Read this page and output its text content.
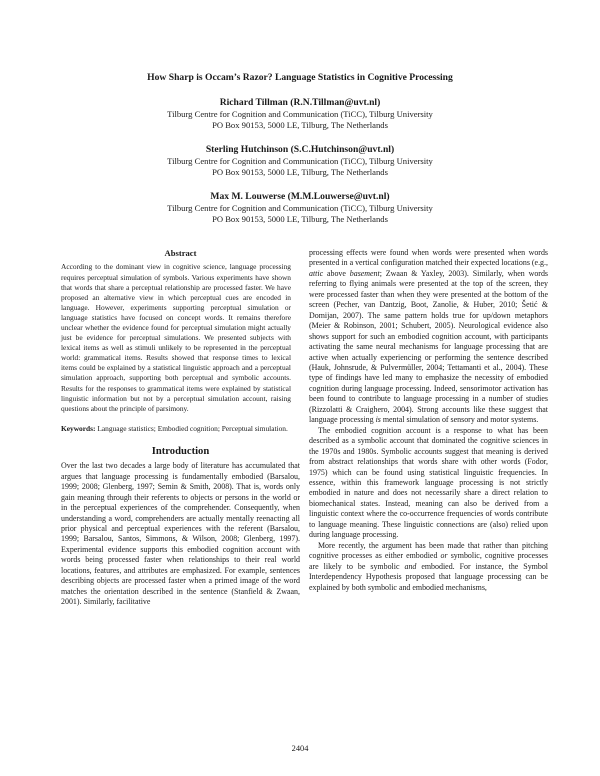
How Sharp is Occam’s Razor? Language Statistics in Cognitive Processing
Richard Tillman (R.N.Tillman@uvt.nl)
Tilburg Centre for Cognition and Communication (TiCC), Tilburg University
PO Box 90153, 5000 LE, Tilburg, The Netherlands
Sterling Hutchinson (S.C.Hutchinson@uvt.nl)
Tilburg Centre for Cognition and Communication (TiCC), Tilburg University
PO Box 90153, 5000 LE, Tilburg, The Netherlands
Max M. Louwerse (M.M.Louwerse@uvt.nl)
Tilburg Centre for Cognition and Communication (TiCC), Tilburg University
PO Box 90153, 5000 LE, Tilburg, The Netherlands
Abstract
According to the dominant view in cognitive science, language processing requires perceptual simulation of symbols. Various experiments have shown that words that share a perceptual relationship are processed faster. We have proposed an alternative view in which perceptual cues are encoded in language. However, experiments supporting perceptual simulation or language statistics have focused on concept words. It remains therefore unclear whether the evidence found for perceptual simulation might actually just be evidence for perceptual simulations. We presented subjects with lexical items as well as stimuli unlikely to be represented in the perceptual world: grammatical items. Results showed that response times to lexical items could be explained by a statistical linguistic approach and a perceptual simulation approach, supporting both perceptual and symbolic accounts. Results for the responses to grammatical items were explained by statistical linguistic information but not by a perceptual simulation account, raising questions about the principle of parsimony.
Keywords: Language statistics; Embodied cognition; Perceptual simulation.
Introduction

Over the last two decades a large body of literature has accumulated that argues that language processing is fundamentally embodied (Barsalou, 1999; 2008; Glenberg, 1997; Semin & Smith, 2008). That is, words only gain meaning through their referents to objects or persons in the world or in the perceptual experiences of the comprehender. Consequently, when understanding a word, comprehenders are actually mentally reenacting all prior physical and perceptual experiences with the referent (Barsalou, 1999; Barsalou, Santos, Simmons, & Wilson, 2008; Glenberg, 1997). Experimental evidence supports this embodied cognition account with words being processed faster when relationships to their real world locations, features, and attributes are emphasized. For example, sentences describing objects are processed faster when a primed image of the word matches the orientation described in the sentence (Stanfield & Zwaan, 2001). Similarly, facilitative

processing effects were found when words were presented when words presented in a vertical configuration matched their expected locations (e.g., attic above basement; Zwaan & Yaxley, 2003). Similarly, when words referring to flying animals were presented at the top of the screen, they were processed faster than when they were presented at the bottom of the screen (Pecher, van Dantzig, Boot, Zanolie, & Huber, 2010; Šetić & Domijan, 2007). The same pattern holds true for up/down metaphors (Meier & Robinson, 2001; Schubert, 2005). Neurological evidence also shows support for such an embodied cognition account, with participants activating the same neural mechanisms for language processing that are active when actually experiencing or performing the sentence described (Hauk, Johnsrude, & Pulvermüller, 2004; Tettamanti et al., 2004). These type of findings have led many to emphasize the necessity of embodied cognition during language processing. Indeed, sensorimotor activation has been found to contribute to language processing in a number of studies (Rizzolatti & Craighero, 2004). Strong accounts like these suggest that language processing is mental simulation of sensory and motor systems.

The embodied cognition account is a response to what has been described as a symbolic account that dominated the cognitive sciences in the 1970s and 1980s. Symbolic accounts suggest that meaning is derived from abstract relationships that words share with other words (Fodor, 1975) which can be found using statistical linguistic frequencies. In essence, within this framework language processing is not strictly embodied in nature and does not necessarily share a direct relation to biomechanical states. Instead, meaning can also be derived from a linguistic context where the co-occurrence frequencies of words contribute to language meaning. These linguistic connections are (also) relied upon during language processing.

More recently, the argument has been made that rather than pitching cognitive processes as either embodied or symbolic, cognitive processes are likely to be symbolic and embodied. For instance, the Symbol Interdependency Hypothesis proposed that language processing can be explained by both symbolic and embodied mechanisms,

2404
